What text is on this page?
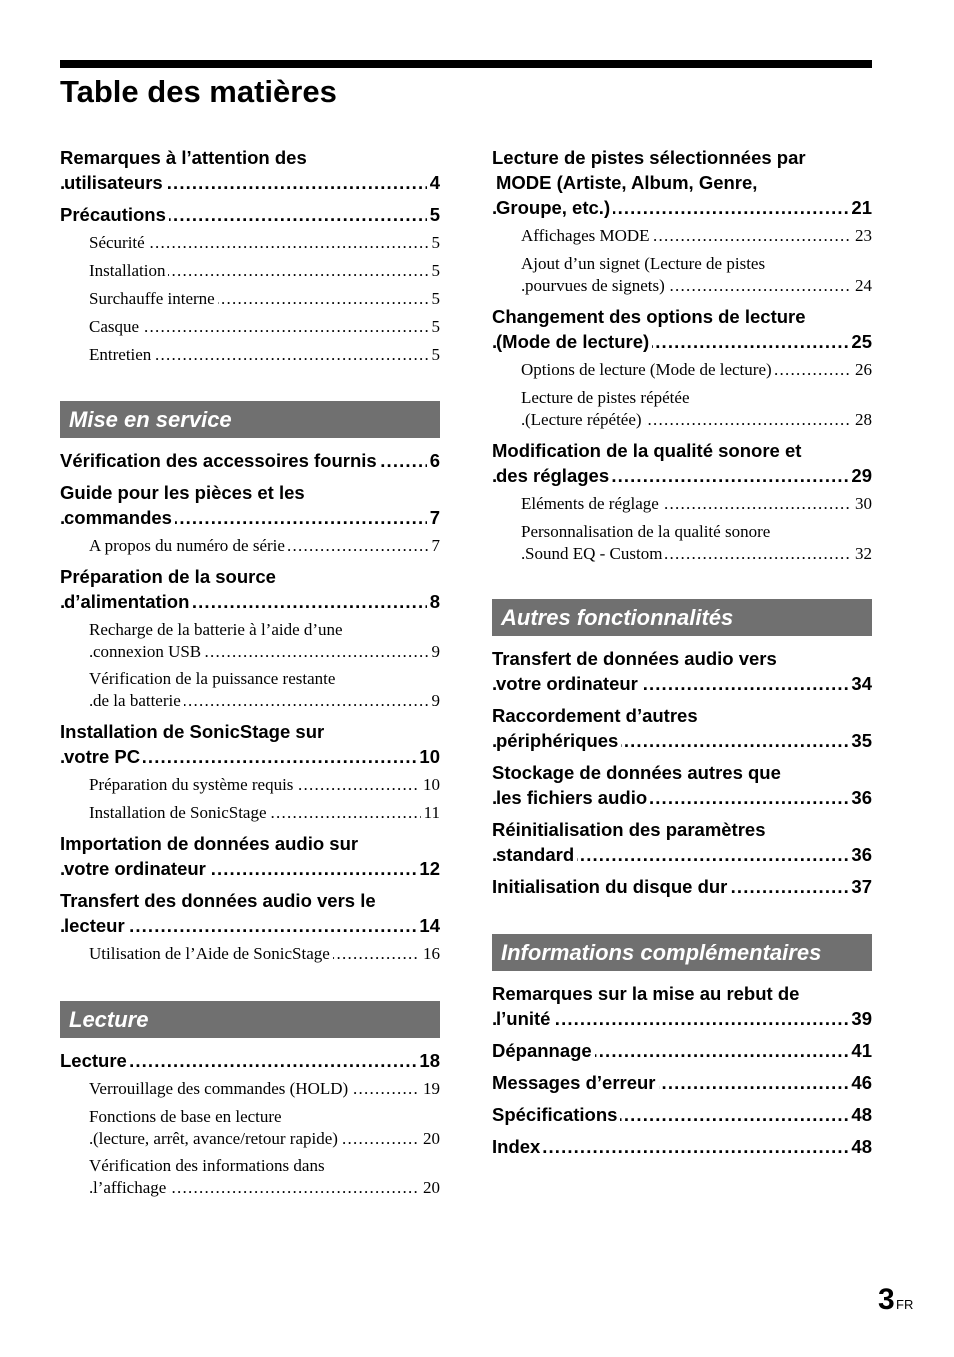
Table des matières
Remarques à l’attention des
utilisateurs	4
. . .
Précautions	5
. . .
Sécurité	5
. . .
Installation	5
. . .
Surchauffe interne	5
. . .
Casque	5
. . .
Entretien	5
. . .
Mise en service
Vérification des accessoires fournis	6
. . .
Guide pour les pièces et les
commandes	7
. . .
A propos du numéro de série	7
. . .
Préparation de la source
d’alimentation	8
. . .
Recharge de la batterie à l’aide d’une
connexion USB	9
. . .
Vérification de la puissance restante
de la batterie	9
. . .
Installation de SonicStage sur
votre PC	10
. . .
Préparation du système requis	10
. . .
Installation de SonicStage	11
. . .
Importation de données audio sur
votre ordinateur	12
. . .
Transfert des données audio vers le
lecteur	14
. . .
Utilisation de l’Aide de SonicStage	16
. . .
Lecture
Lecture	18
. . .
Verrouillage des commandes (HOLD)	19
. . .
Fonctions de base en lecture
(lecture, arrêt, avance/retour rapide)	20
. . .
Vérification des informations dans
l’affichage	20
. . .
Lecture de pistes sélectionnées par
MODE (Artiste, Album, Genre,
Groupe, etc.)	21
. . .
Affichages MODE	23
. . .
Ajout d’un signet (Lecture de pistes
pourvues de signets)	24
. . .
Changement des options de lecture
(Mode de lecture)	25
. . .
Options de lecture (Mode de lecture)	26
. . .
Lecture de pistes répétée
(Lecture répétée)	28
. . .
Modification de la qualité sonore et
des réglages	29
. . .
Eléments de réglage	30
. . .
Personnalisation de la qualité sonore
Sound EQ - Custom	32
. . .
Autres fonctionnalités
Transfert de données audio vers
votre ordinateur	34
. . .
Raccordement d’autres
périphériques	35
. . .
Stockage de données autres que
les fichiers audio	36
. . .
Réinitialisation des paramètres
standard	36
. . .
Initialisation du disque dur	37
. . .
Informations complémentaires
Remarques sur la mise au rebut de
l’unité	39
. . .
Dépannage	41
. . .
Messages d’erreur	46
. . .
Spécifications	48
. . .
Index	48
. . .
3 FR
